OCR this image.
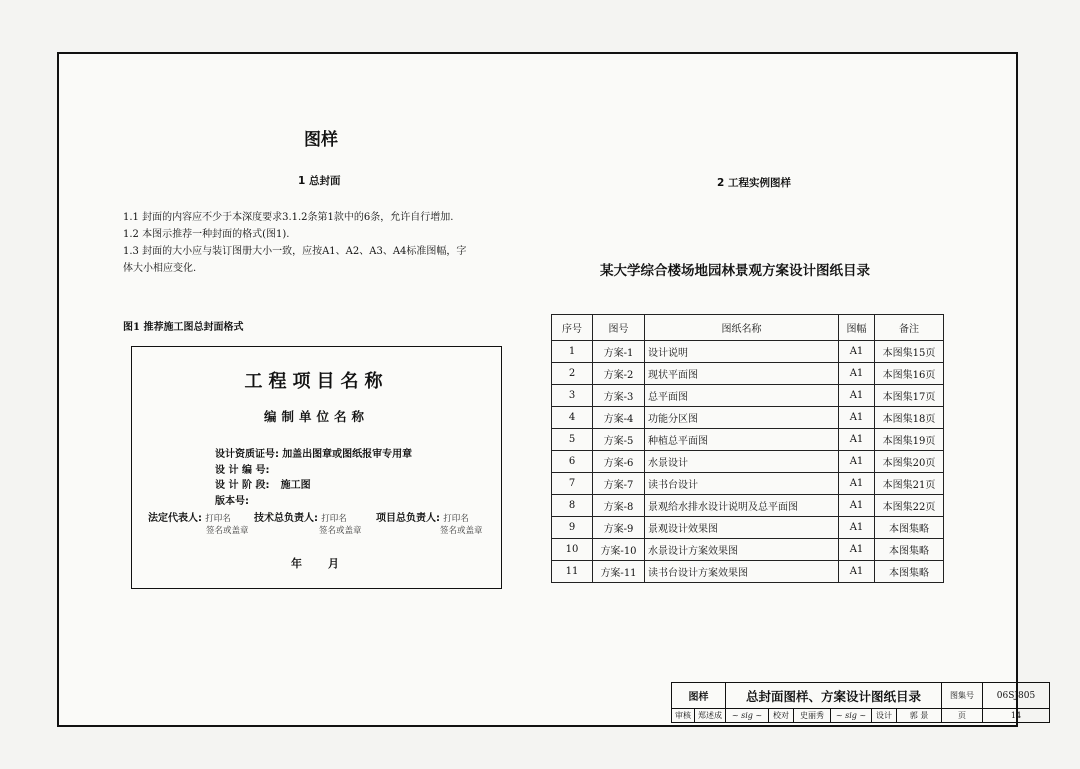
图样
1 总封面	2 工程实例图样
1.1 封面的内容应不少于本深度要求3.1.2条第1款中的6条，允许自行增加.
1.2 本图示推荐一种封面的格式(图1).
1.3 封面的大小应与装订图册大小一致，应按A1、A2、A3、A4标准图幅，字
体大小相应变化.
图1 推荐施工图总封面格式
工程项目名称
编制单位名称
设计资质证号: 加盖出图章或图纸报审专用章
设 计 编 号:
设 计 阶 段: 施工图
版本号:
法定代表人: 打印名 技术总负责人: 打印名	项目总负责人: 打印名
签名或盖章	签名或盖章	签名或盖章
年 月
某大学综合楼场地园林景观方案设计图纸目录
序号	图号	图纸名称	图幅	备注
1	方案-1	设计说明	A1	本图集15页
2	方案-2	现状平面图	A1	本图集16页
3	方案-3	总平面图	A1	本图集17页
4	方案-4	功能分区图	A1	本图集18页
5	方案-5	种植总平面图	A1	本图集19页
6	方案-6	水景设计	A1	本图集20页
7	方案-7	读书台设计	A1	本图集21页
8	方案-8	景观给水排水设计说明及总平面图	A1	本图集22页
9	方案-9	景观设计效果图	A1	本图集略
10	方案-10	水景设计方案效果图	A1	本图集略
11	方案-11	读书台设计方案效果图	A1	本图集略
图样		总封面图样、方案设计图纸目录						图集号	06SJ805
审核	郑述成	~ sig ~	校对	史丽秀	~ sig ~	设计	郭 景	页	14
